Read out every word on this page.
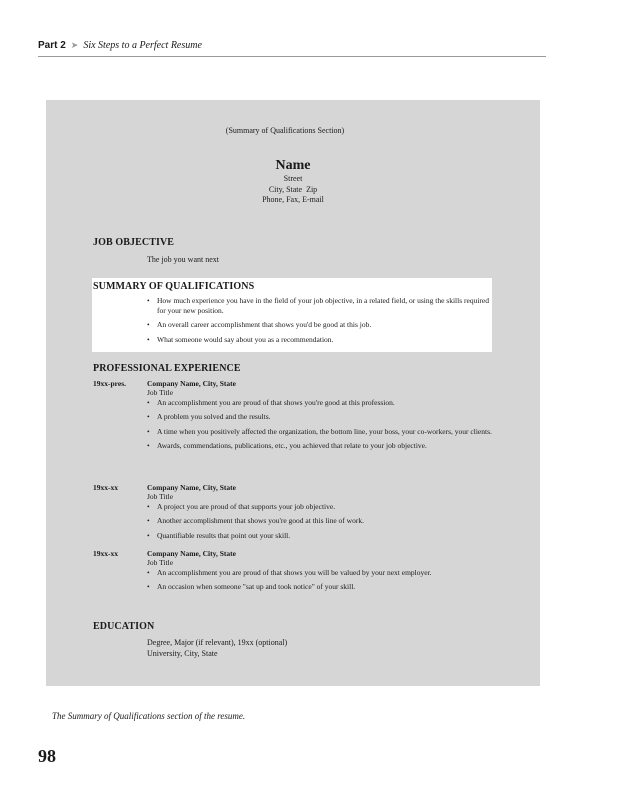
Part 2 ➤ Six Steps to a Perfect Resume
(Summary of Qualifications Section)
Name
Street
City, State  Zip
Phone, Fax, E-mail
JOB OBJECTIVE
The job you want next
SUMMARY OF QUALIFICATIONS
• How much experience you have in the field of your job objective, in a related field, or using the skills required for your new position.
• An overall career accomplishment that shows you'd be good at this job.
• What someone would say about you as a recommendation.
PROFESSIONAL EXPERIENCE
19xx-pres.	Company Name, City, State
Job Title
• An accomplishment you are proud of that shows you're good at this profession.
• A problem you solved and the results.
• A time when you positively affected the organization, the bottom line, your boss, your co-workers, your clients.
• Awards, commendations, publications, etc., you achieved that relate to your job objective.
19xx-xx	Company Name, City, State
Job Title
• A project you are proud of that supports your job objective.
• Another accomplishment that shows you're good at this line of work.
• Quantifiable results that point out your skill.
19xx-xx	Company Name, City, State
Job Title
• An accomplishment you are proud of that shows you will be valued by your next employer.
• An occasion when someone "sat up and took notice" of your skill.
EDUCATION
Degree, Major (if relevant), 19xx (optional)
University, City, State
The Summary of Qualifications section of the resume.
98
